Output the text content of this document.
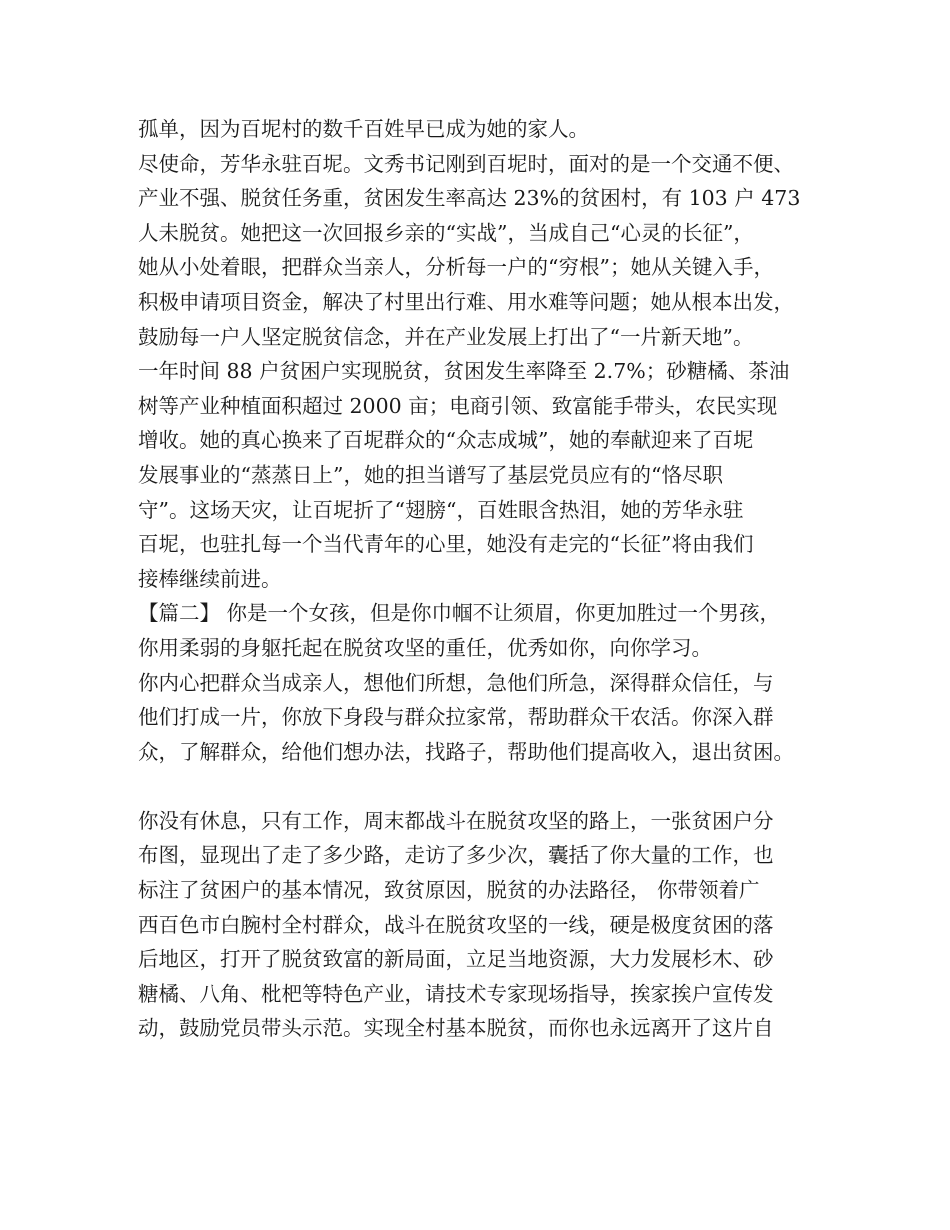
孤单，因为百坭村的数千百姓早已成为她的家人。
尽使命，芳华永驻百坭。文秀书记刚到百坭时，面对的是一个交通不便、
产业不强、脱贫任务重，贫困发生率高达 23%的贫困村，有 103 户 473
人未脱贫。她把这一次回报乡亲的“实战”，当成自己“心灵的长征”，
她从小处着眼，把群众当亲人，分析每一户的“穷根”；她从关键入手，
积极申请项目资金，解决了村里出行难、用水难等问题；她从根本出发，
鼓励每一户人坚定脱贫信念，并在产业发展上打出了“一片新天地”。
一年时间 88 户贫困户实现脱贫，贫困发生率降至 2.7%；砂糖橘、茶油
树等产业种植面积超过 2000 亩；电商引领、致富能手带头，农民实现
增收。她的真心换来了百坭群众的“众志成城”，她的奉献迎来了百坭
发展事业的“蒸蒸日上”，她的担当谱写了基层党员应有的“恪尽职
守”。这场天灾，让百坭折了“翅膀“，百姓眼含热泪，她的芳华永驻
百坭，也驻扎每一个当代青年的心里，她没有走完的“长征”将由我们
接棒继续前进。
【篇二】 你是一个女孩，但是你巾帼不让须眉，你更加胜过一个男孩，
你用柔弱的身躯托起在脱贫攻坚的重任，优秀如你，向你学习。
你内心把群众当成亲人，想他们所想，急他们所急，深得群众信任，与
他们打成一片，你放下身段与群众拉家常，帮助群众干农活。你深入群
众，了解群众，给他们想办法，找路子，帮助他们提高收入，退出贫困。
你没有休息，只有工作，周末都战斗在脱贫攻坚的路上，一张贫困户分
布图，显现出了走了多少路，走访了多少次，囊括了你大量的工作，也
标注了贫困户的基本情况，致贫原因，脱贫的办法路径， 你带领着广
西百色市白腕村全村群众，战斗在脱贫攻坚的一线，硬是极度贫困的落
后地区，打开了脱贫致富的新局面，立足当地资源，大力发展杉木、砂
糖橘、八角、枇杷等特色产业，请技术专家现场指导，挨家挨户宣传发
动，鼓励党员带头示范。实现全村基本脱贫，而你也永远离开了这片自
